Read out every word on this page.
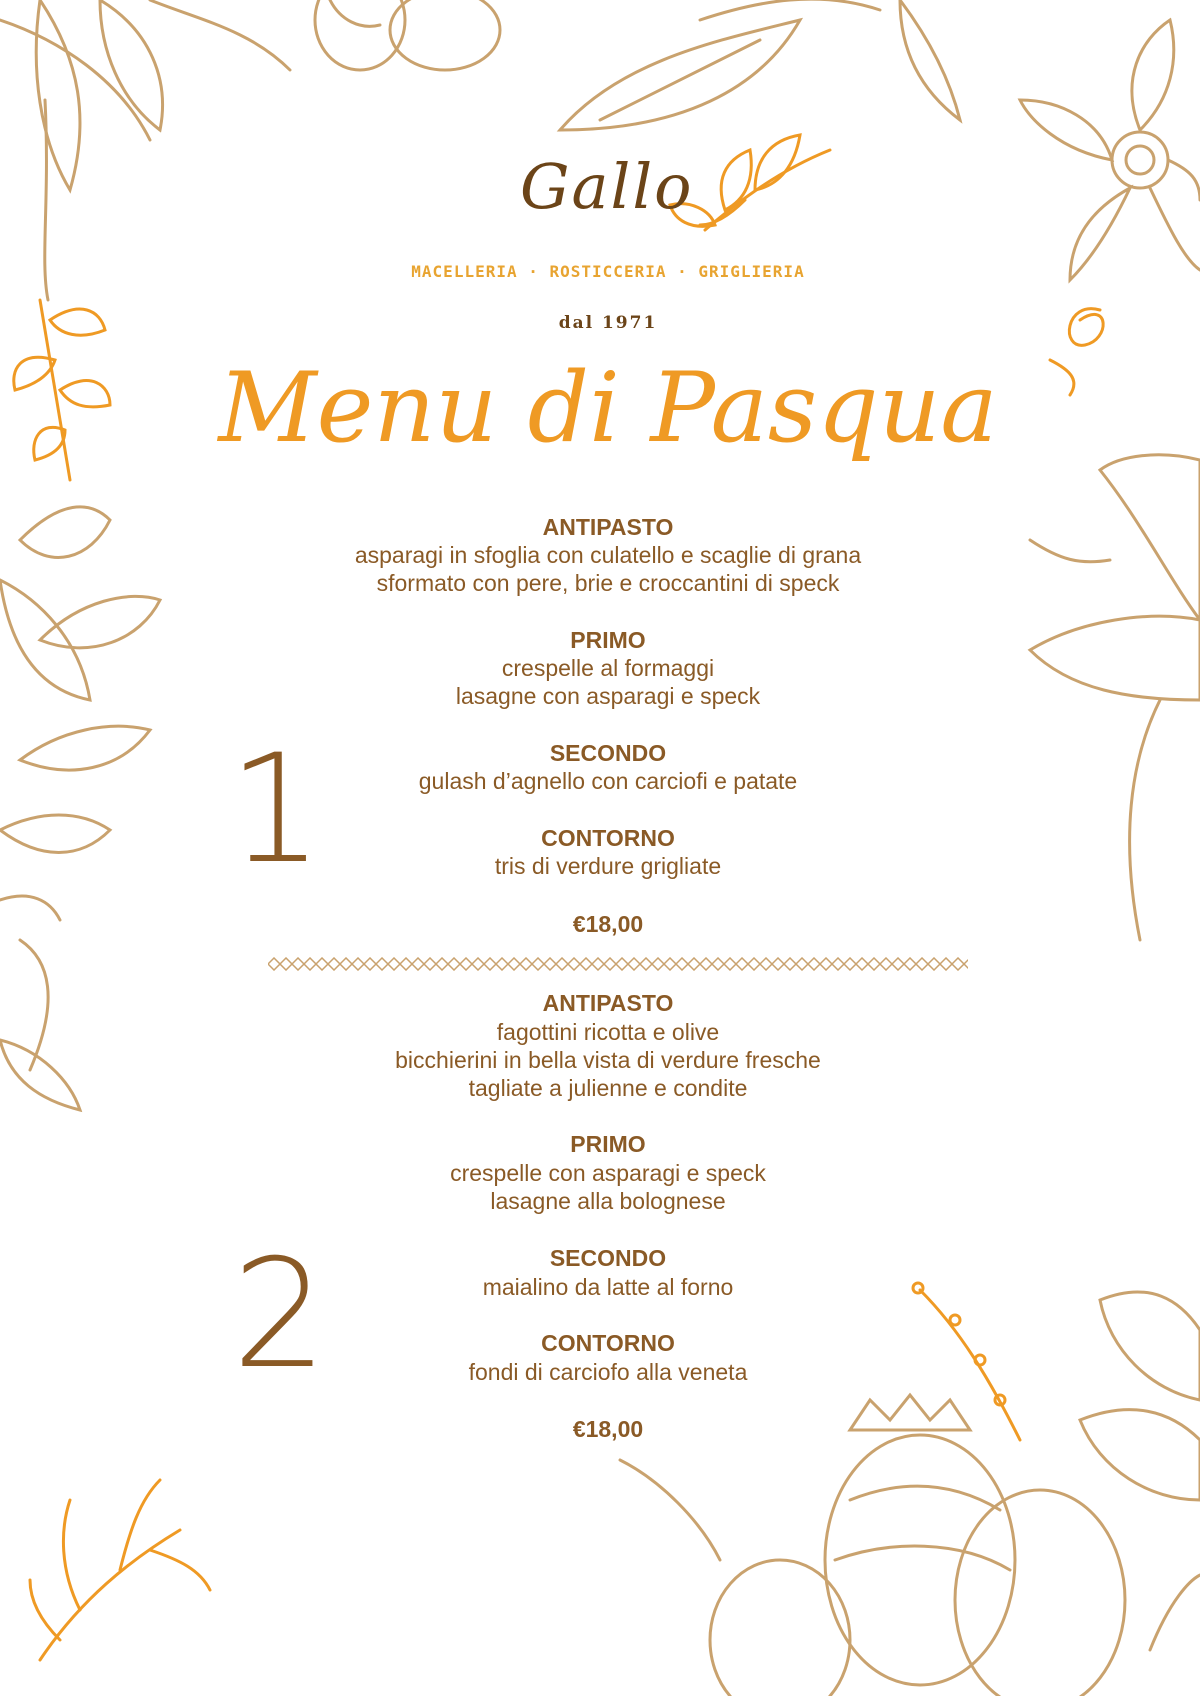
Gallo
MACELLERIA · ROSTICCERIA · GRIGLIERIA
dal 1971
Menu di Pasqua
1
ANTIPASTO
asparagi in sfoglia con culatello e scaglie di grana
sformato con pere, brie e croccantini di speck
PRIMO
crespelle al formaggi
lasagne con asparagi e speck
SECONDO
gulash d’agnello con carciofi e patate
CONTORNO
tris di verdure grigliate
€18,00
2
ANTIPASTO
fagottini ricotta e olive
bicchierini in bella vista di verdure fresche
tagliate a julienne e condite
PRIMO
crespelle con asparagi e speck
lasagne alla bolognese
SECONDO
maialino da latte al forno
CONTORNO
fondi di carciofo alla veneta
€18,00
